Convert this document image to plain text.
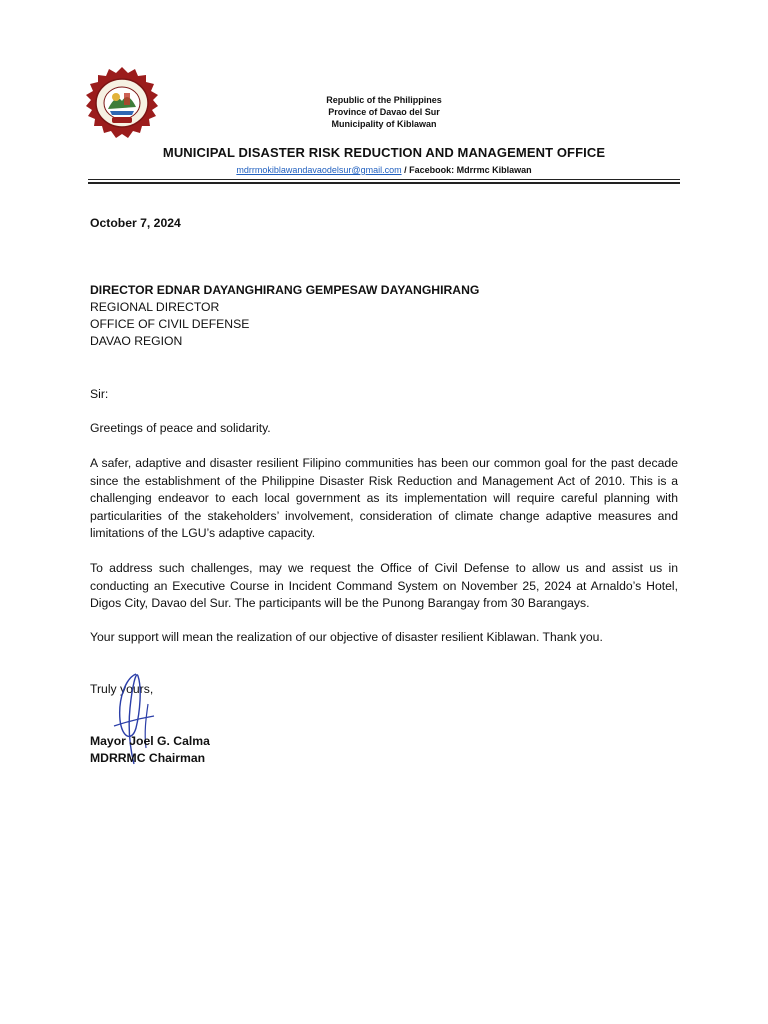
Republic of the Philippines
Province of Davao del Sur
Municipality of Kiblawan
MUNICIPAL DISASTER RISK REDUCTION AND MANAGEMENT OFFICE
mdrrmokiblawandavaodelsur@gmail.com / Facebook: Mdrrmc Kiblawan
October 7, 2024
DIRECTOR EDNAR DAYANGHIRANG GEMPESAW DAYANGHIRANG
REGIONAL DIRECTOR
OFFICE OF CIVIL DEFENSE
DAVAO REGION
Sir:
Greetings of peace and solidarity.
A safer, adaptive and disaster resilient Filipino communities has been our common goal for the past decade since the establishment of the Philippine Disaster Risk Reduction and Management Act of 2010. This is a challenging endeavor to each local government as its implementation will require careful planning with particularities of the stakeholders’ involvement, consideration of climate change adaptive measures and limitations of the LGU’s adaptive capacity.
To address such challenges, may we request the Office of Civil Defense to allow us and assist us in conducting an Executive Course in Incident Command System on November 25, 2024 at Arnaldo’s Hotel, Digos City, Davao del Sur. The participants will be the Punong Barangay from 30 Barangays.
Your support will mean the realization of our objective of disaster resilient Kiblawan. Thank you.
Truly yours,
Mayor Joel G. Calma
MDRRMC Chairman
